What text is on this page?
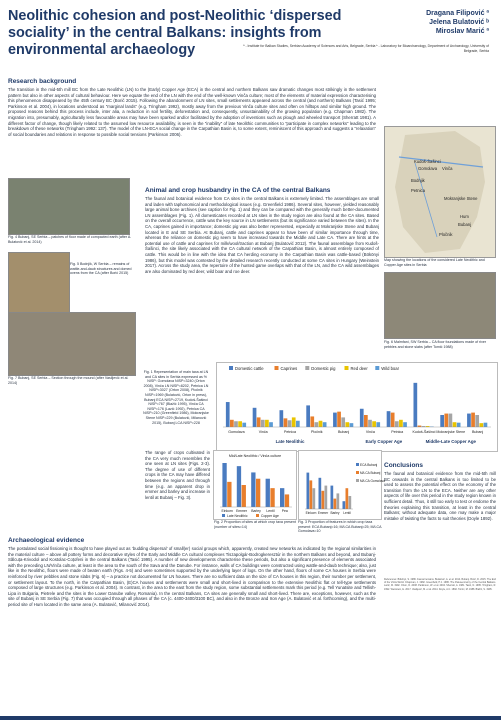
Neolithic cohesion and post-Neolithic ‘dispersed sociality’ in the central Balkans: insights from environmental archaeology
Dragana Filipović ª
Jelena Bulatović ᵇ
Miroslav Marić ª
ª - Institute for Balkan Studies, Serbian Academy of Sciences and Arts, Belgrade, Serbia ᵇ - Laboratory for Bioarchaeology, Department of Archaeology, University of Belgrade, Serbia
Research background
The transition in the mid-5th mill BC from the Late Neolithic (LN) to the (Early) Copper Age (ECA) in the central and northern Balkans saw dramatic changes most strikingly in the settlement pattern but also in other aspects of cultural behaviour. Here we equate the end of the LN with the end of the well-known Vinča culture; most of the elements of material expression characterising this phenomenon disappeared by the 45th century BC (Borić 2015). Following the abandonment of LN sites, small settlements appeared across the central (and northern) Balkans (Tasić 1995; Parkinson et al. 2004), in locations understood as “marginal lands” (e.g. Tringham 1992), mostly away from the previous Vinča culture sites and often on hilltops and similar high ground. The proposed reasons behind this process include, inter alia, a reduction in soil fertility, deforestation and, consequently, unsustainability of the growing population (e.g. Chapman 1982). The migration into, presumably, agriculturally less favourable areas may have been sparked and/or facilitated by the adoption of inventions such as plough and wheeled transport (Sherratt 1981). A different factor of change, though likely related to the assumed low resource availability, is seen in the “inability” of late Neolithic communities to “participate in complex networks” leading to the breakdown of these networks (Tringham 1992: 137). The model of the LN-ECA social change in the Carpathian Basin is, to some extent, reminiscent of this approach and suggests a “relaxation” of social boundaries and relations in response to possible social tensions (Parkinson 2006).
Kudoš-Šašinci
Gomolava Vinča
Bodnjik
Petnica
Mokranjske Stene
Hum
Bubanj
Pločnik
Map showing the locations of the considered Late Neolithic and Copper Age sites in Serbia
Fig. 4 Bubanj, SE Serbia – patches of floor made of compacted earth (after A. Bulatović et al. 2014)
Fig. 5 Bodnjik, W Serbia – remains of wattle-and-daub structures and domed ovens from the CA (after Borić 2015)
Fig. 7 Bubanj, SE Serbia – Section through the mound (after Vasiljević et al. 2014)
Animal and crop husbandry in the CA of the central Balkans
The faunal and botanical evidence from CA sites in the central Balkans is extremely limited. The assemblages are small and laden with taphonomical and methodological issues (e.g. Greenfield 1986). Several sites, however, yielded reasonably large animal bone archives (see caption for Fig. 1) and they can be compared with the generally much better-documented LN assemblages (Fig. 1). All domesticates recorded at LN sites in the study region are also found at the CA sites. Based on the overall occurrence, cattle was the key source in LN settlements (but its significance varied between the sites). In the CA, caprines gained in importance; domestic pig was also better represented, especially at Mokranjske Stene and Bubanj located in E and SE Serbia. At Bubanj, cattle and caprines appear to have been of similar importance through time, whereas the reliance on domestic pig seem to have increased towards the Middle and Late CA. There are hints at the potential use of cattle and caprines for milk/wool/traction at Bubanj (Bulatović 2012). The faunal assemblage from Kudoš-Šašinci, the site likely associated with the CA cultural network of the Carpathian Basin, is almost entirely composed of cattle. This would be in line with the idea that CA herding economy in the Carpathian Basin was cattle-based (Bökönyi 1986), but this model was contested by the detailed research recently conducted at some CA sites in Hungary (Weinstein 2017). Across the study area, the repertoire of the hunted game overlaps with that of the LN, and the CA wild assemblages are also dominated by red deer, wild boar and roe deer.
Fig. 6 Malmfani, SW Serbia – CA floor foundations made of river pebbles and stone slabs (after Tomić 1988)
Fig. 1 Representation of main taxa at LN and CA sites in Serbia expressed as % NISP: Gomolava NISP=3240 (Orton 2008), Vinča LN NISP=8202, Petnica LN NISP=3027 (Orton 2008), Pločnik NISP=1969 (Bulatović, Orton in press), Bubanj ECA NISP=2719, Kudoš-Šašinci NISP=767 (Blažić 1995), Vinča CA NISP=176 (Lazić 1992), Petnica CA NISP=210 (Greenfield 1986), Mokranjske Stene NISP=229 (Bulatović, Milanović 2015), Bubanj LCA NISP=228
Domestic cattle	Caprines	Domestic pig	Red deer	Wild boar
Gomolava	Vinča	Petnica	Pločnik	Bubanj	Vinča	Petnica	Kudoš-Šašinci Mokranjske Stene Bubanj
Late Neolithic	Early Copper Age	Middle-Late Copper Age
The range of crops cultivated in the CA very much resembles the one seen at LN sites (Figs. 2-3). The degree of use of different crops in the CA may have differed between the regions and through time (e.g. an apparent drop in emmer and barley and increase in lentil at Bubanj – Fig. 3).
Mid/Late Neolithic / Vinča culture
Einkorn Emmer Barley Lentil Pea
Late Neolithic	Copper Age
Fig. 2 Proportion of sites at which crop taxa present (number of sites=14)
Einkorn Emmer Barley Lentil
ECA Bubanj
M/LCA Bubanj
M/LCA Gomolava
Fig. 3 Proportion of features in which crop taxa present: ECA Bubanj=16; M/LCA Bubanj=25; M/LCA Gomolava=10
Conclusions
The faunal and botanical evidence from the mid-5th mill BC onwards in the central Balkans is too limited to be used to assess the potential effect on the economy of the transition from the LN to the ECA. Neither are any other aspects of life over this period in the study region known in sufficient detail. Thus, it still too early to test or endorse the theories explaining this transition, at least in the central Balkans; without adequate data, one may make a major mistake of twisting the facts to suit theories (Doyle 1892).
Archaeological evidence
The postulated social fissioning is thought to have played out as ‘budding dispersal’ of small(er) social groups which, apparently, created new networks as indicated by the regional similarities in the material culture – above all pottery forms and decorative styles of the Early and Middle CA cultural complexes Tiszapolgár-Bodrogkeresztúr in the northern Balkans and beyond, and Bubanj-Sălcuța-Krivodol and Kostolac-Coțofeni in the central Balkans (Tasić 1995). A number of new developments characterise these periods, but also a significant presence of elements associated with the preceding LN/Vinča culture, at least in the area to the south of the Sava and the Danube. For instance, walls of CA buildings were constructed using wattle-and-daub technique; also, just like in the Neolithic, floors were made of beaten earth (Figs. 4-5) and were sometimes supported by the underlying layer of logs. On the other hand, floors of some CA houses in Serbia were reinforced by river pebbles and stone slabs (Fig. 6) – a practice not documented for LN houses. There are no sufficient data on the size of CA houses in this region, their number per settlement, or settlement layout. To the north, in the Carpathian Basin, (E)CA houses and settlements were small and short-lived in comparison to the extensive Neolithic flat or tell-type settlements composed of large structures (e.g. Parkinson et al. 2004). In contrast, in the area to the east from the study region, some substantial settlements mark this period (e.g. Tell Yunatsite and Tellish-Lipa in Bulgaria, Pietrele and the sites in the Lower Danube valley, Romania). In the central Balkans, CA sites are generally small and short-lived. There are, exceptions, however, such as the site of Bubanj in SE Serbia (Fig. 7) that was occupied through all phases of the CA (c. 4400-3400/3100 BC), and also in the Bronze and Iron Age (A. Bulatović et al. forthcoming), and the multi-period site of Hum located in the same area (A. Bulatović, Milanović 2014).
References: Bökönyi, S. 1986. Faunal remains. Bulatović, A. et al. 2014. Bubanj. Borić, D. 2015. The End of the Vinča World. Chapman, J. 1982. Greenfield, H.J. 1986. The Paleoeconomy of the Central Balkans. Lazić, M. 1992. Orton, D. 2008. Parkinson, W. et al. 2004. Sherratt, A. 1981. Tasić, N. 1995. Tringham, R. 1992. Weinstein, E. 2017. Vasiljević, M. et al. 2014. Doyle, A.C. 1892. Tomić, M. 1988. Blažić, S. 1995.
